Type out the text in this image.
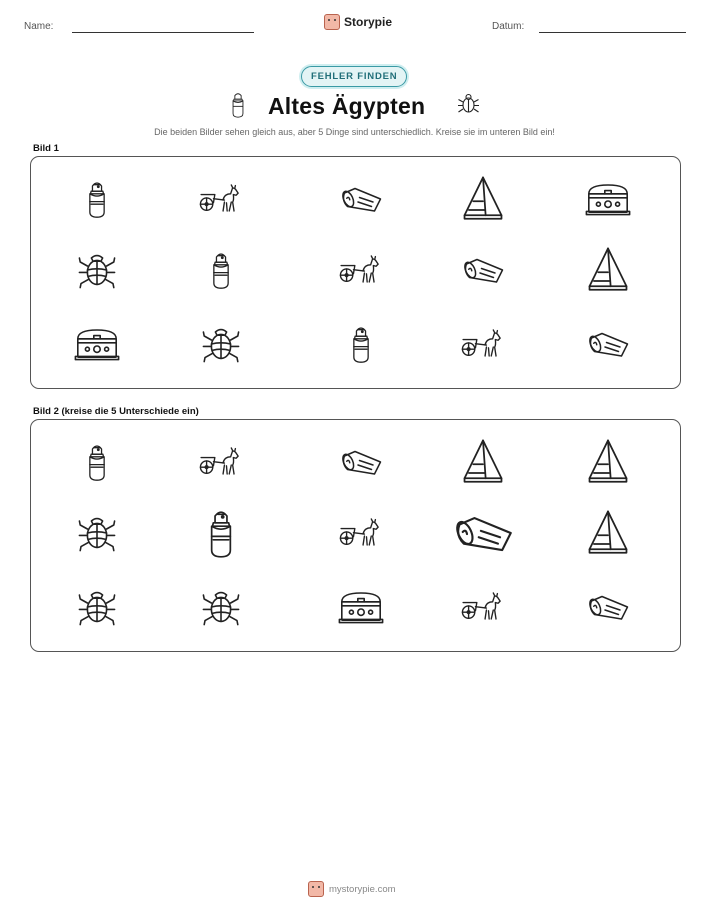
Name:	Storypie	Datum:
FEHLER FINDEN
Altes Ägypten
Die beiden Bilder sehen gleich aus, aber 5 Dinge sind unterschiedlich. Kreise sie im unteren Bild ein!
Bild 1
Bild 2 (kreise die 5 Unterschiede ein)
mystorypie.com
